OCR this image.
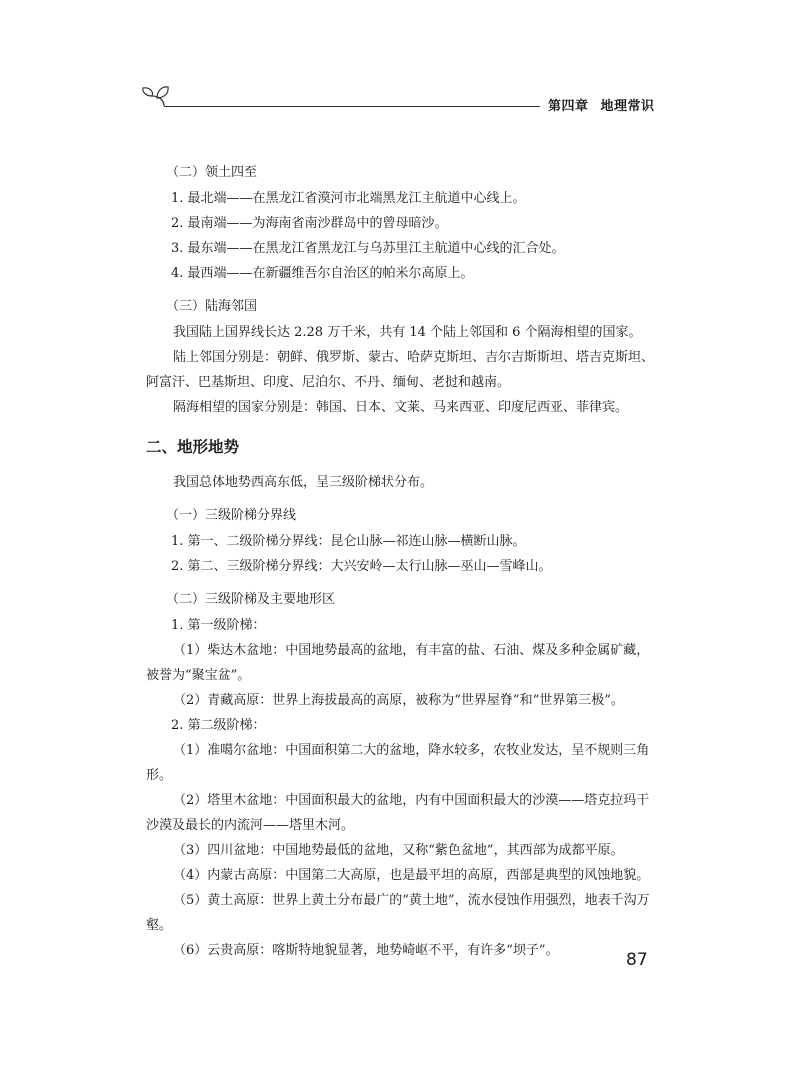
第四章 地理常识
（二）领土四至
1. 最北端——在黑龙江省漠河市北端黑龙江主航道中心线上。
2. 最南端——为海南省南沙群岛中的曾母暗沙。
3. 最东端——在黑龙江省黑龙江与乌苏里江主航道中心线的汇合处。
4. 最西端——在新疆维吾尔自治区的帕米尔高原上。
（三）陆海邻国
我国陆上国界线长达 2.28 万千米，共有 14 个陆上邻国和 6 个隔海相望的国家。
陆上邻国分别是：朝鲜、俄罗斯、蒙古、哈萨克斯坦、吉尔吉斯斯坦、塔吉克斯坦、阿富汗、巴基斯坦、印度、尼泊尔、不丹、缅甸、老挝和越南。
隔海相望的国家分别是：韩国、日本、文莱、马来西亚、印度尼西亚、菲律宾。
二、地形地势
我国总体地势西高东低，呈三级阶梯状分布。
（一）三级阶梯分界线
1. 第一、二级阶梯分界线：昆仑山脉—祁连山脉—横断山脉。
2. 第二、三级阶梯分界线：大兴安岭—太行山脉—巫山—雪峰山。
（二）三级阶梯及主要地形区
1. 第一级阶梯：
（1）柴达木盆地：中国地势最高的盆地，有丰富的盐、石油、煤及多种金属矿藏，被誉为“聚宝盆”。
（2）青藏高原：世界上海拔最高的高原，被称为“世界屋脊”和“世界第三极”。
2. 第二级阶梯：
（1）准噶尔盆地：中国面积第二大的盆地，降水较多，农牧业发达，呈不规则三角形。
（2）塔里木盆地：中国面积最大的盆地，内有中国面积最大的沙漠——塔克拉玛干沙漠及最长的内流河——塔里木河。
（3）四川盆地：中国地势最低的盆地，又称“紫色盆地”，其西部为成都平原。
（4）内蒙古高原：中国第二大高原，也是最平坦的高原，西部是典型的风蚀地貌。
（5）黄土高原：世界上黄土分布最广的“黄土地”，流水侵蚀作用强烈，地表千沟万壑。
（6）云贵高原：喀斯特地貌显著，地势崎岖不平，有许多“坝子”。	87
